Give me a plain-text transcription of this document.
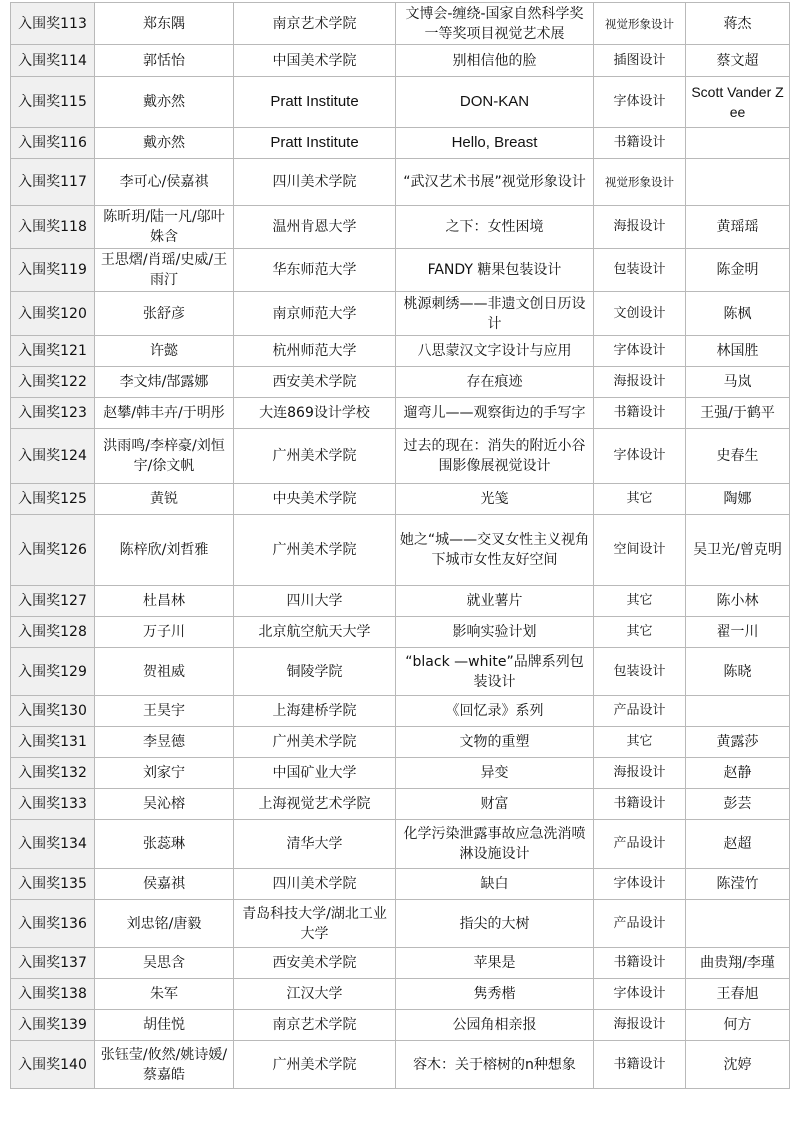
入围奖113	郑东隅	南京艺术学院	文博会-缠绕-国家自然科学奖一等奖项目视觉艺术展	视觉形象设计	蒋杰
入围奖114	郭恬怡	中国美术学院	别相信他的脸	插图设计	蔡文超
入围奖115	戴亦然	Pratt Institute	DON-KAN	字体设计	Scott Vander Zee
入围奖116	戴亦然	Pratt Institute	Hello, Breast	书籍设计	
入围奖117	李可心/侯嘉祺	四川美术学院	“武汉艺术书展”视觉形象设计	视觉形象设计	
入围奖118	陈昕玥/陆一凡/邬叶姝含	温州肯恩大学	之下：女性困境	海报设计	黄瑶瑶
入围奖119	王思熠/肖瑶/史威/王雨汀	华东师范大学	FANDY 糖果包装设计	包装设计	陈金明
入围奖120	张舒彦	南京师范大学	桃源刺绣——非遗文创日历设计	文创设计	陈枫
入围奖121	许懿	杭州师范大学	八思蒙汉文字设计与应用	字体设计	林国胜
入围奖122	李文炜/郜露娜	西安美术学院	存在痕迹	海报设计	马岚
入围奖123	赵攀/韩丰卉/于明彤	大连869设计学校	遛弯儿——观察街边的手写字	书籍设计	王强/于鹤平
入围奖124	洪雨鸣/李梓豪/刘恒宇/徐文帆	广州美术学院	过去的现在：消失的附近小谷围影像展视觉设计	字体设计	史春生
入围奖125	黄锐	中央美术学院	光笺	其它	陶娜
入围奖126	陈梓欣/刘哲雅	广州美术学院	她之“城——交叉女性主义视角下城市女性友好空间	空间设计	吴卫光/曾克明
入围奖127	杜昌林	四川大学	就业薯片	其它	陈小林
入围奖128	万子川	北京航空航天大学	影响实验计划	其它	翟一川
入围奖129	贺祖威	铜陵学院	“black —white”品牌系列包装设计	包装设计	陈晓
入围奖130	王昊宇	上海建桥学院	《回忆录》系列	产品设计	
入围奖131	李昱德	广州美术学院	文物的重塑	其它	黄露莎
入围奖132	刘家宁	中国矿业大学	异变	海报设计	赵静
入围奖133	吴沁榕	上海视觉艺术学院	财富	书籍设计	彭芸
入围奖134	张蕊琳	清华大学	化学污染泄露事故应急洗消喷淋设施设计	产品设计	赵超
入围奖135	侯嘉祺	四川美术学院	缺白	字体设计	陈滢竹
入围奖136	刘忠铭/唐毅	青岛科技大学/湖北工业大学	指尖的大树	产品设计	
入围奖137	吴思含	西安美术学院	苹果是	书籍设计	曲贵翔/李瑾
入围奖138	朱军	江汉大学	隽秀楷	字体设计	王春旭
入围奖139	胡佳悦	南京艺术学院	公园角相亲报	海报设计	何方
入围奖140	张钰莹/攸然/姚诗媛/蔡嘉皓	广州美术学院	容木：关于榕树的n种想象	书籍设计	沈婷
